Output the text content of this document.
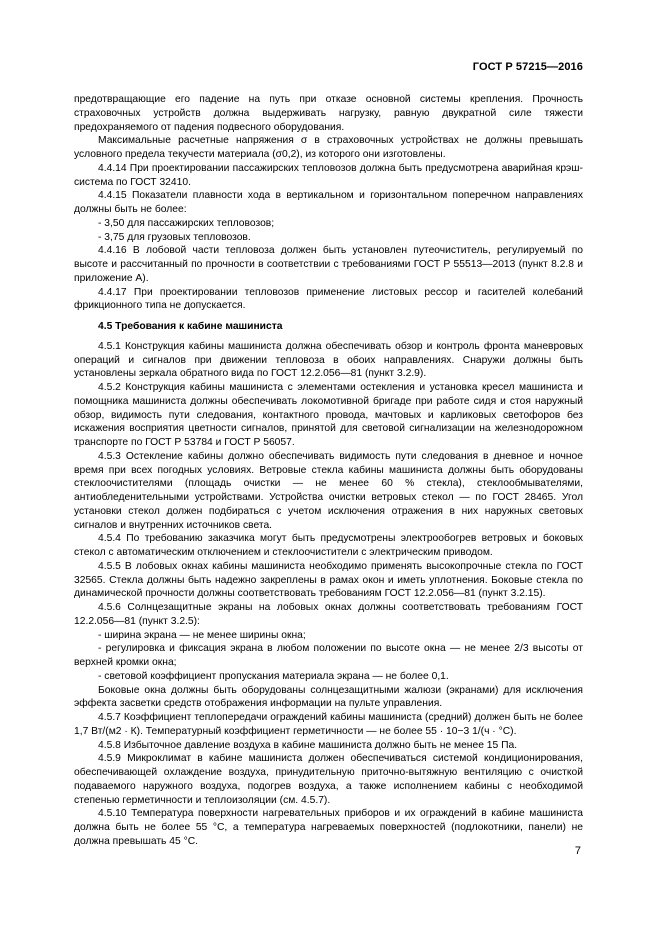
ГОСТ Р 57215—2016

предотвращающие его падение на путь при отказе основной системы крепления. Прочность страховочных устройств должна выдерживать нагрузку, равную двукратной силе тяжести предохраняемого от падения подвесного оборудования.

Максимальные расчетные напряжения σ в страховочных устройствах не должны превышать условного предела текучести материала (σ0,2), из которого они изготовлены.

4.4.14 При проектировании пассажирских тепловозов должна быть предусмотрена аварийная крэш-система по ГОСТ 32410.

4.4.15 Показатели плавности хода в вертикальном и горизонтальном поперечном направлениях должны быть не более:

- 3,50 для пассажирских тепловозов;

- 3,75 для грузовых тепловозов.

4.4.16 В лобовой части тепловоза должен быть установлен путеочиститель, регулируемый по высоте и рассчитанный по прочности в соответствии с требованиями ГОСТ Р 55513—2013 (пункт 8.2.8 и приложение А).

4.4.17 При проектировании тепловозов применение листовых рессор и гасителей колебаний фрикционного типа не допускается.

4.5 Требования к кабине машиниста

4.5.1 Конструкция кабины машиниста должна обеспечивать обзор и контроль фронта маневровых операций и сигналов при движении тепловоза в обоих направлениях. Снаружи должны быть установлены зеркала обратного вида по ГОСТ 12.2.056—81 (пункт 3.2.9).

4.5.2 Конструкция кабины машиниста с элементами остекления и установка кресел машиниста и помощника машиниста должны обеспечивать локомотивной бригаде при работе сидя и стоя наружный обзор, видимость пути следования, контактного провода, мачтовых и карликовых светофоров без искажения восприятия цветности сигналов, принятой для световой сигнализации на железнодорожном транспорте по ГОСТ Р 53784 и ГОСТ Р 56057.

4.5.3 Остекление кабины должно обеспечивать видимость пути следования в дневное и ночное время при всех погодных условиях. Ветровые стекла кабины машиниста должны быть оборудованы стеклоочистителями (площадь очистки — не менее 60 % стекла), стеклообмывателями, антиобледенительными устройствами. Устройства очистки ветровых стекол — по ГОСТ 28465. Угол установки стекол должен подбираться с учетом исключения отражения в них наружных световых сигналов и внутренних источников света.

4.5.4 По требованию заказчика могут быть предусмотрены электрообогрев ветровых и боковых стекол с автоматическим отключением и стеклоочистители с электрическим приводом.

4.5.5 В лобовых окнах кабины машиниста необходимо применять высокопрочные стекла по ГОСТ 32565. Стекла должны быть надежно закреплены в рамах окон и иметь уплотнения. Боковые стекла по динамической прочности должны соответствовать требованиям ГОСТ 12.2.056—81 (пункт 3.2.15).

4.5.6 Солнцезащитные экраны на лобовых окнах должны соответствовать требованиям ГОСТ 12.2.056—81 (пункт 3.2.5):

- ширина экрана — не менее ширины окна;

- регулировка и фиксация экрана в любом положении по высоте окна — не менее 2/3 высоты от верхней кромки окна;

- световой коэффициент пропускания материала экрана — не более 0,1.

Боковые окна должны быть оборудованы солнцезащитными жалюзи (экранами) для исключения эффекта засветки средств отображения информации на пульте управления.

4.5.7 Коэффициент теплопередачи ограждений кабины машиниста (средний) должен быть не более 1,7 Вт/(м2 · К). Температурный коэффициент герметичности — не более 55 · 10−3 1/(ч · °С).

4.5.8 Избыточное давление воздуха в кабине машиниста должно быть не менее 15 Па.

4.5.9 Микроклимат в кабине машиниста должен обеспечиваться системой кондиционирования, обеспечивающей охлаждение воздуха, принудительную приточно-вытяжную вентиляцию с очисткой подаваемого наружного воздуха, подогрев воздуха, а также исполнением кабины с необходимой степенью герметичности и теплоизоляции (см. 4.5.7).

4.5.10 Температура поверхности нагревательных приборов и их ограждений в кабине машиниста должна быть не более 55 °С, а температура нагреваемых поверхностей (подлокотники, панели) не должна превышать 45 °С.

7
